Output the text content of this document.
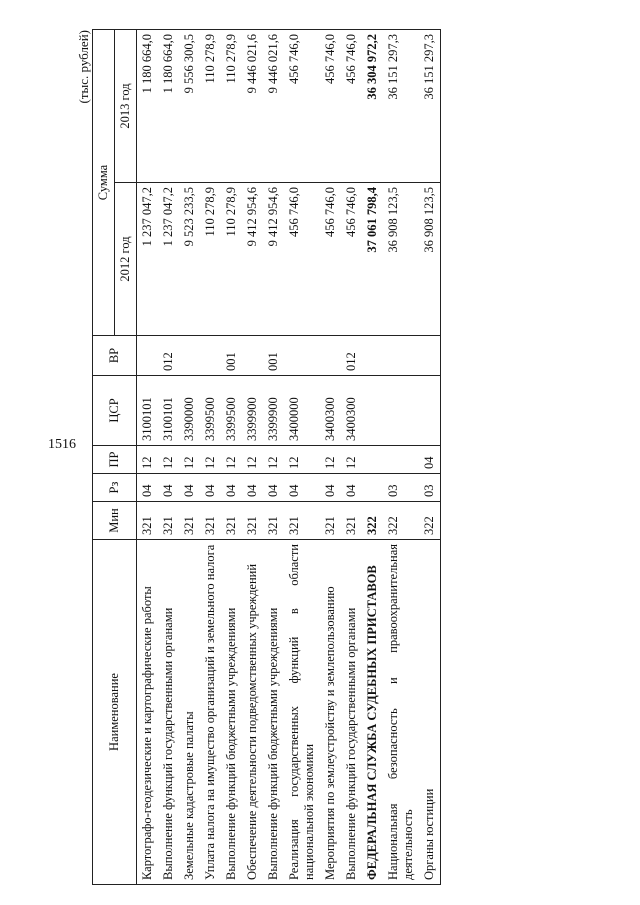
1516
(тыс. рублей)
Наименование	Мин	Рз	ПР	ЦСР	ВР	Сумма	
						2012 год	2013 год
Картографо-геодезические и картографические работы	321	04	12	3100101		1 237 047,2	1 180 664,0
Выполнение функций государственными органами	321	04	12	3100101	012	1 237 047,2	1 180 664,0
Земельные кадастровые палаты	321	04	12	3390000		9 523 233,5	9 556 300,5
Уплата налога на имущество организаций и земельного налога	321	04	12	3399500		110 278,9	110 278,9
Выполнение функций бюджетными учреждениями	321	04	12	3399500	001	110 278,9	110 278,9
Обеспечение деятельности подведомственных учреждений	321	04	12	3399900		9 412 954,6	9 446 021,6
Выполнение функций бюджетными учреждениями	321	04	12	3399900	001	9 412 954,6	9 446 021,6
Реализация государственных функций в области национальной экономики	321	04	12	3400000		456 746,0	456 746,0
Мероприятия по землеустройству и землепользованию	321	04	12	3400300		456 746,0	456 746,0
Выполнение функций государственными органами	321	04	12	3400300	012	456 746,0	456 746,0
ФЕДЕРАЛЬНАЯ СЛУЖБА СУДЕБНЫХ ПРИСТАВОВ	322					37 061 798,4	36 304 972,2
Национальная безопасность и правоохранительная деятельность	322	03				36 908 123,5	36 151 297,3
Органы юстиции	322	03	04			36 908 123,5	36 151 297,3
